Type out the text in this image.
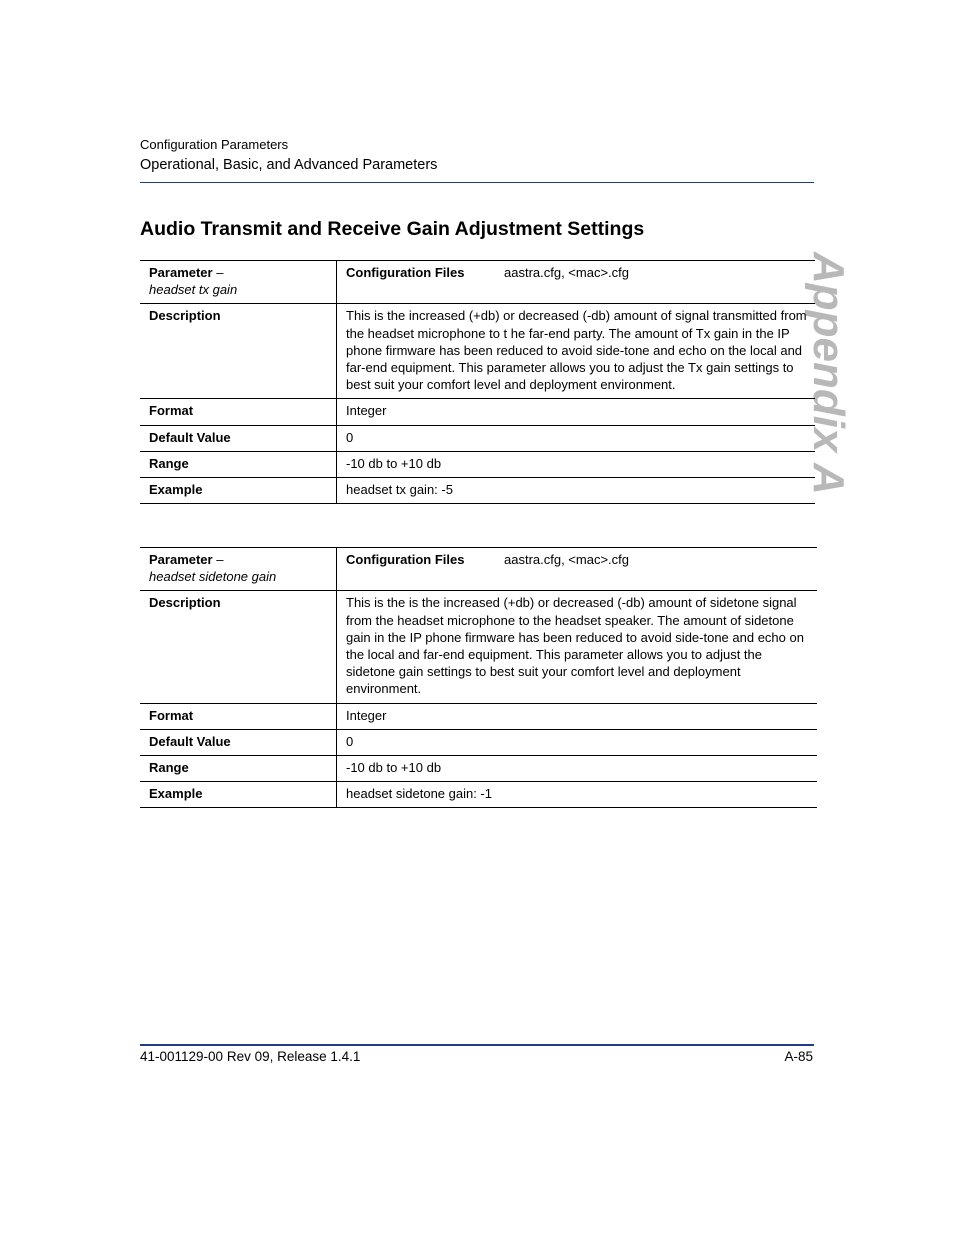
Configuration Parameters
Operational, Basic, and Advanced Parameters
Appendix A
Audio Transmit and Receive Gain Adjustment Settings
Parameter –
headset tx gain	Configuration Files aastra.cfg, <mac>.cfg
Description	This is the increased (+db) or decreased (-db) amount of signal transmitted from the headset microphone to t he far-end party. The amount of Tx gain in the IP phone firmware has been reduced to avoid side-tone and echo on the local and far-end equipment. This parameter allows you to adjust the Tx gain settings to best suit your comfort level and deployment environment.
Format	Integer
Default Value	0
Range	-10 db to +10 db
Example	headset tx gain: -5
Parameter –
headset sidetone gain	Configuration Files aastra.cfg, <mac>.cfg
Description	This is the is the increased (+db) or decreased (-db) amount of sidetone signal from the headset microphone to the headset speaker. The amount of sidetone gain in the IP phone firmware has been reduced to avoid side-tone and echo on the local and far-end equipment. This parameter allows you to adjust the sidetone gain settings to best suit your comfort level and deployment environment.
Format	Integer
Default Value	0
Range	-10 db to +10 db
Example	headset sidetone gain: -1
41-001129-00 Rev 09, Release 1.4.1	A-85
